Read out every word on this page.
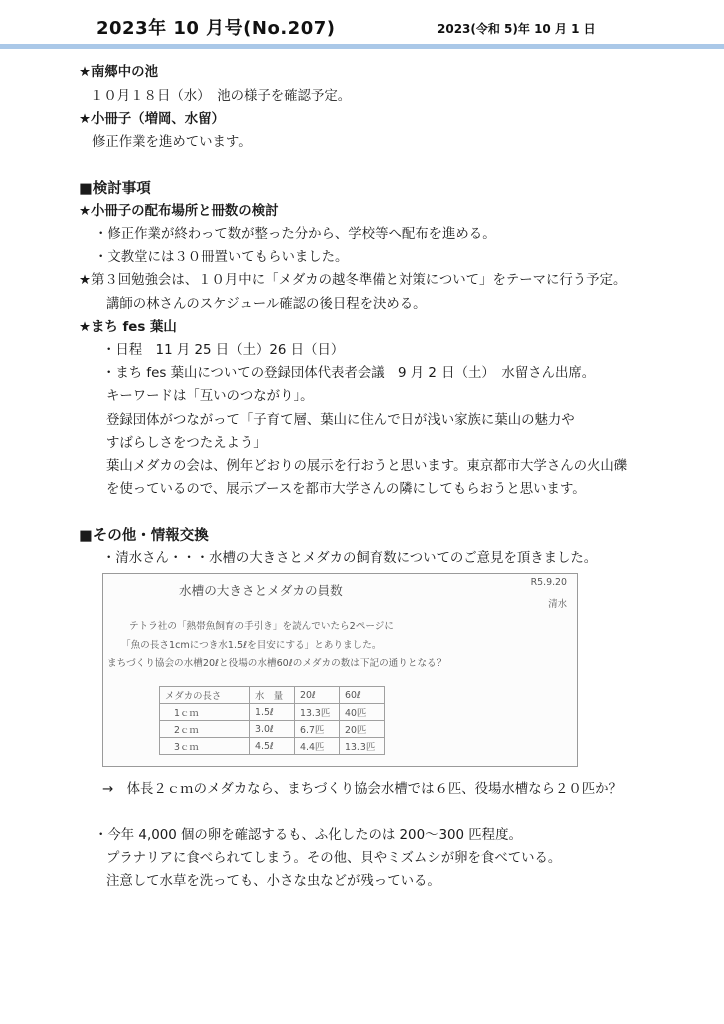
2023年 10 月号(No.207)	2023(令和 5)年 10 月 1 日
★南郷中の池
１０月１８日（水）　池の様子を確認予定。
★小冊子（増岡、水留）
修正作業を進めています。
■検討事項
★小冊子の配布場所と冊数の検討
・修正作業が終わって数が整った分から、学校等へ配布を進める。
・文教堂には３０冊置いてもらいました。
★第３回勉強会は、１０月中に「メダカの越冬準備と対策について」をテーマに行う予定。
講師の林さんのスケジュール確認の後日程を決める。
★まち fes 葉山
・日程　11 月 25 日（土）26 日（日）
・まち fes 葉山についての登録団体代表者会議　9 月 2 日（土）　水留さん出席。
キーワードは「互いのつながり」。
登録団体がつながって「子育て層、葉山に住んで日が浅い家族に葉山の魅力や
すばらしさをつたえよう」
葉山メダカの会は、例年どおりの展示を行おうと思います。東京都市大学さんの火山礫
を使っているので、展示ブースを都市大学さんの隣にしてもらおうと思います。
■その他・情報交換
・清水さん・・・水槽の大きさとメダカの飼育数についてのご意見を頂きました。
水槽の大きさとメダカの員数
R5.9.20
清水
テトラ社の「熱帯魚飼育の手引き」を読んでいたら2ページに
「魚の長さ1cmにつき水1.5ℓを目安にする」とありました。
まちづくり協会の水槽20ℓと役場の水槽60ℓのメダカの数は下記の通りとなる？
メダカの長さ	水　量	20ℓ	60ℓ
1ｃｍ	1.5ℓ	13.3匹	40匹
2ｃｍ	3.0ℓ	6.7匹	20匹
3ｃｍ	4.5ℓ	4.4匹	13.3匹
→　体長２ｃｍのメダカなら、まちづくり協会水槽では６匹、役場水槽なら２０匹か？
・今年 4,000 個の卵を確認するも、ふ化したのは 200～300 匹程度。
プラナリアに食べられてしまう。その他、貝やミズムシが卵を食べている。
注意して水草を洗っても、小さな虫などが残っている。
